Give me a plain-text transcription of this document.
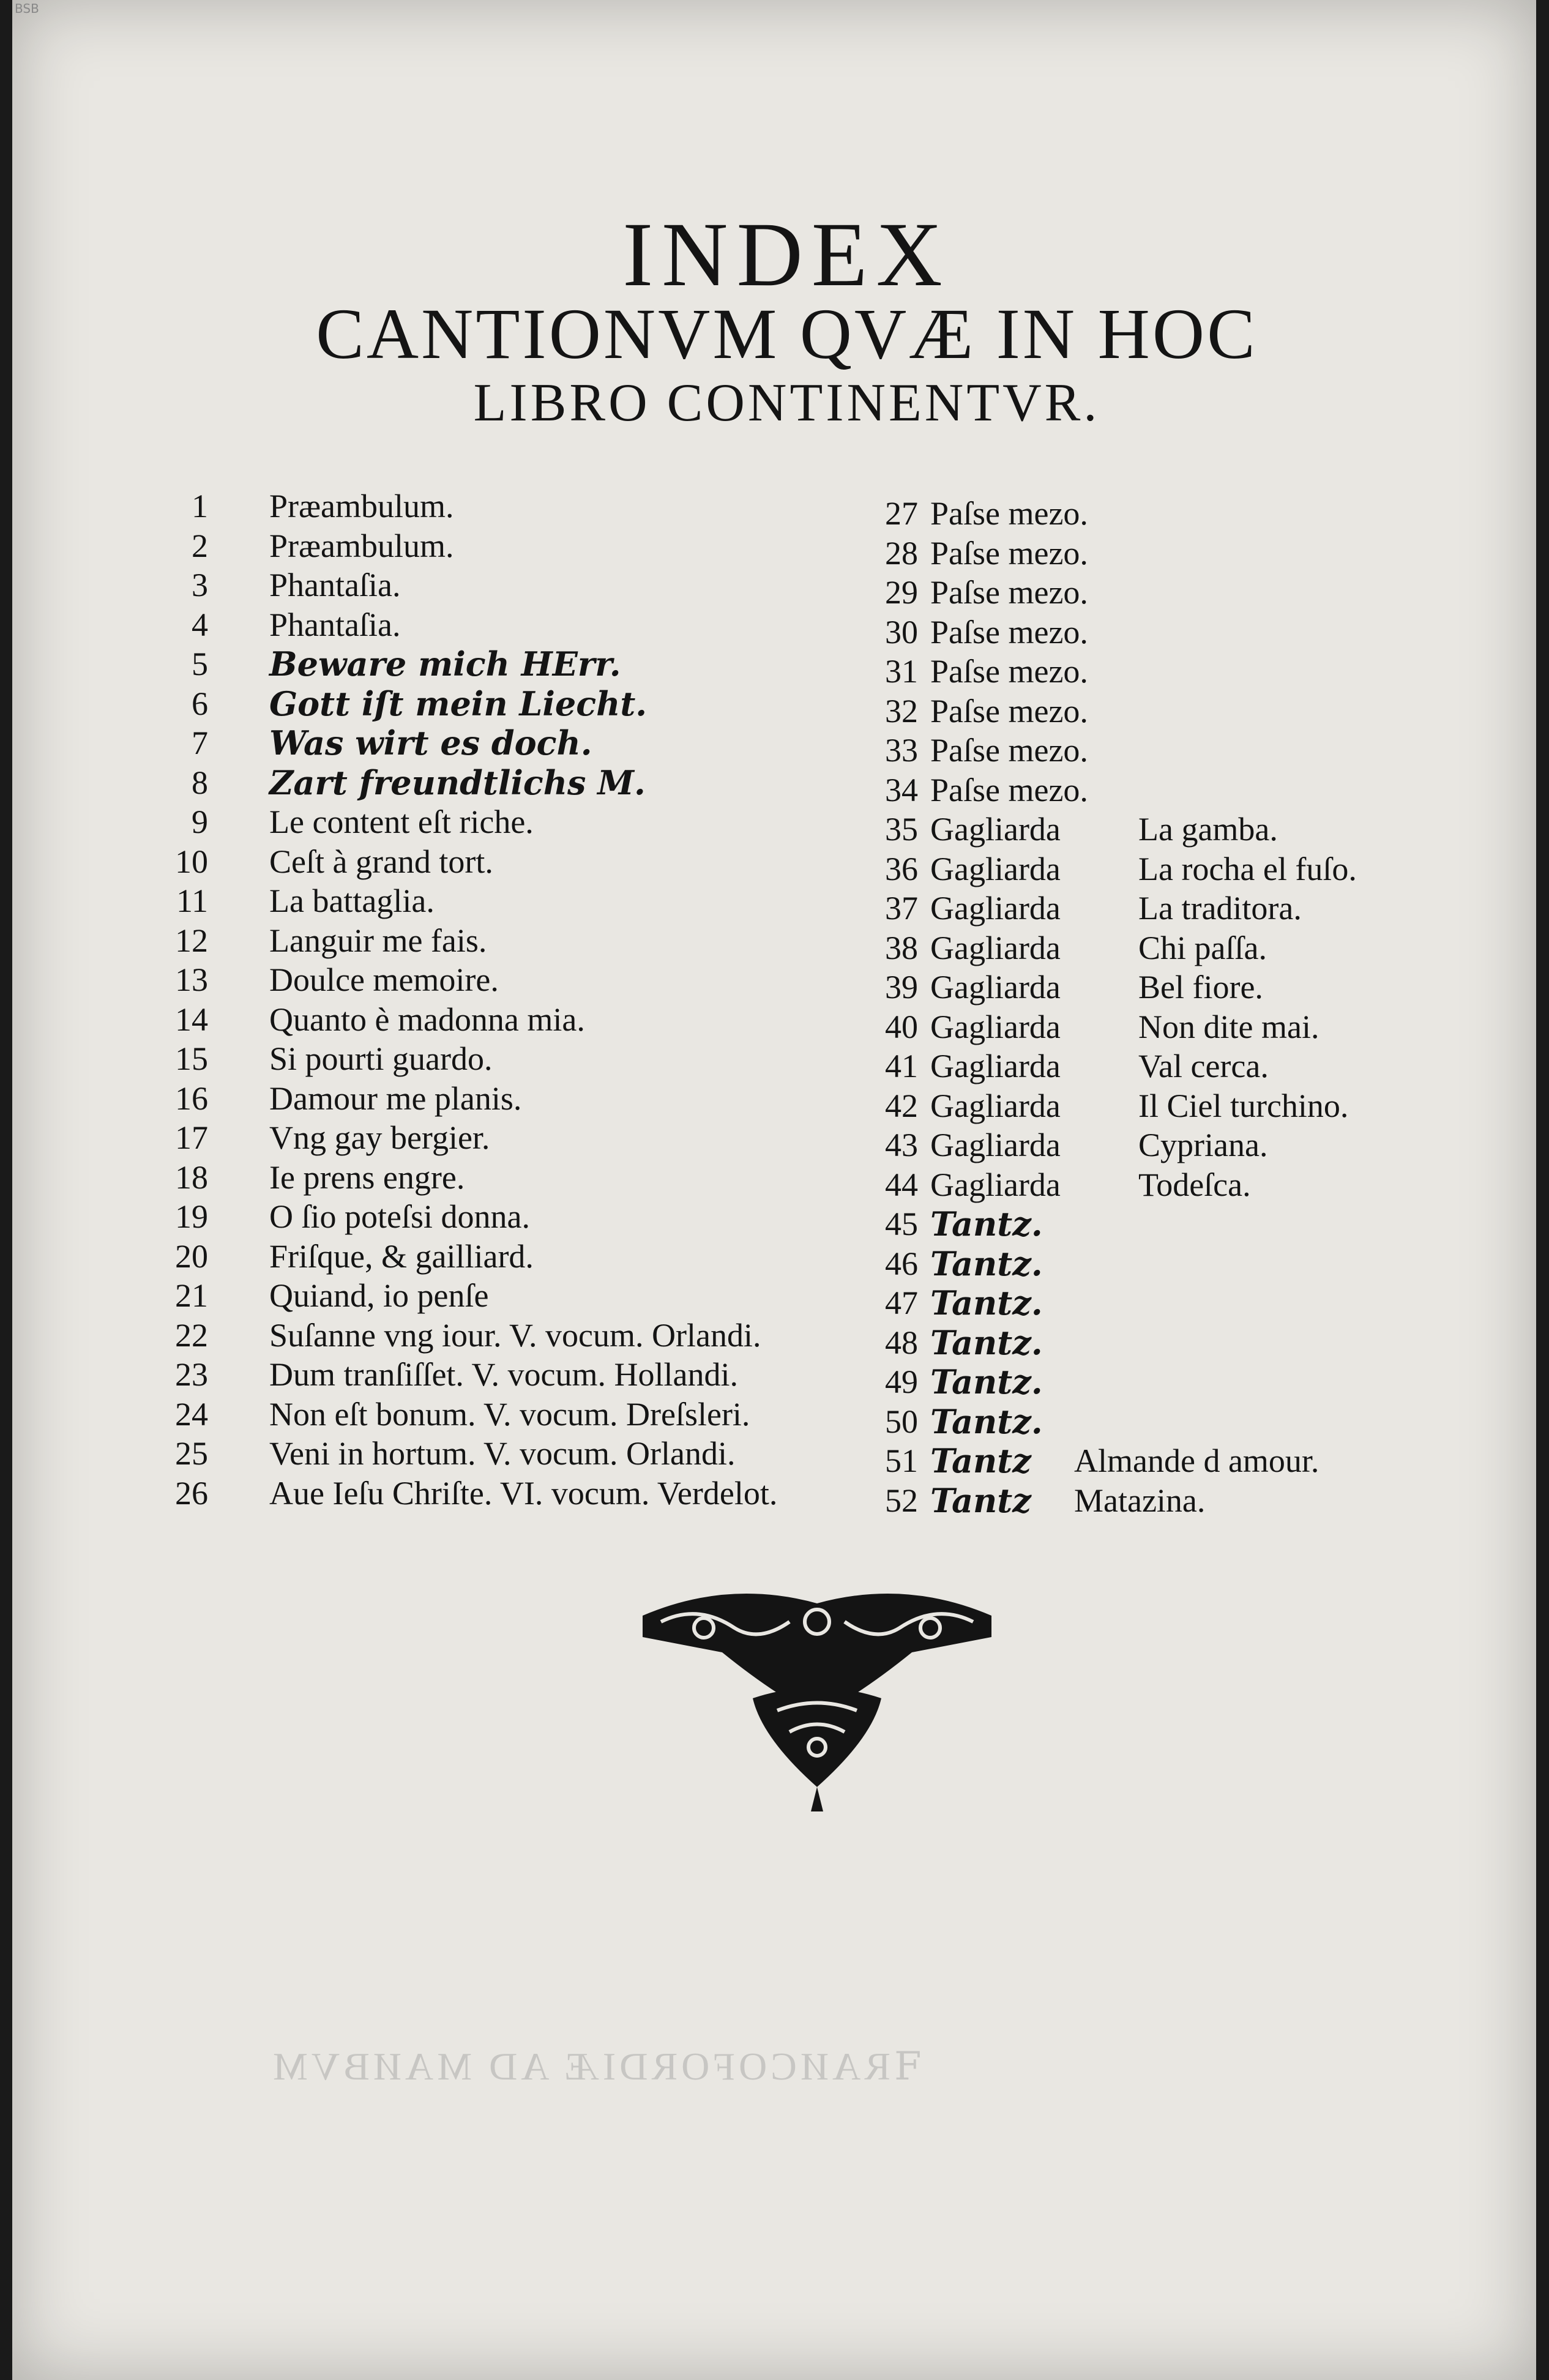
BSB
INDEX
CANTIONVM QVÆ IN HOC
LIBRO CONTINENTVR.
1 Præambulum.
2 Præambulum.
3 Phantaſia.
4 Phantaſia.
5 Beware mich HErr.
6 Gott iſt mein Liecht.
7 Was wirt es doch.
8 Zart freundtlichs M.
9 Le content eſt riche.
10 Ceſt à grand tort.
11 La battaglia.
12 Languir me fais.
13 Doulce memoire.
14 Quanto è madonna mia.
15 Si pourti guardo.
16 Damour me planis.
17 Vng gay bergier.
18 Ie prens engre.
19 O ſio poteſsi donna.
20 Friſque, & gailliard.
21 Quiand, io penſe
22 Suſanne vng iour. V. vocum. Orlandi.
23 Dum tranſiſſet. V. vocum. Hollandi.
24 Non eſt bonum. V. vocum. Dreſsleri.
25 Veni in hortum. V. vocum. Orlandi.
26 Aue Ieſu Chriſte. VI. vocum. Verdelot.
27 Paſse mezo.
28 Paſse mezo.
29 Paſse mezo.
30 Paſse mezo.
31 Paſse mezo.
32 Paſse mezo.
33 Paſse mezo.
34 Paſse mezo.
35 Gagliarda La gamba.
36 Gagliarda La rocha el fuſo.
37 Gagliarda La traditora.
38 Gagliarda Chi paſſa.
39 Gagliarda Bel fiore.
40 Gagliarda Non dite mai.
41 Gagliarda Val cerca.
42 Gagliarda Il Ciel turchino.
43 Gagliarda Cypriana.
44 Gagliarda Todeſca.
45 Tantz.
46 Tantz.
47 Tantz.
48 Tantz.
49 Tantz.
50 Tantz.
51 Tantz Almande d amour.
52 Tantz Matazina.
ꟻRAИCOFORDIÆ AD MAИВVM
